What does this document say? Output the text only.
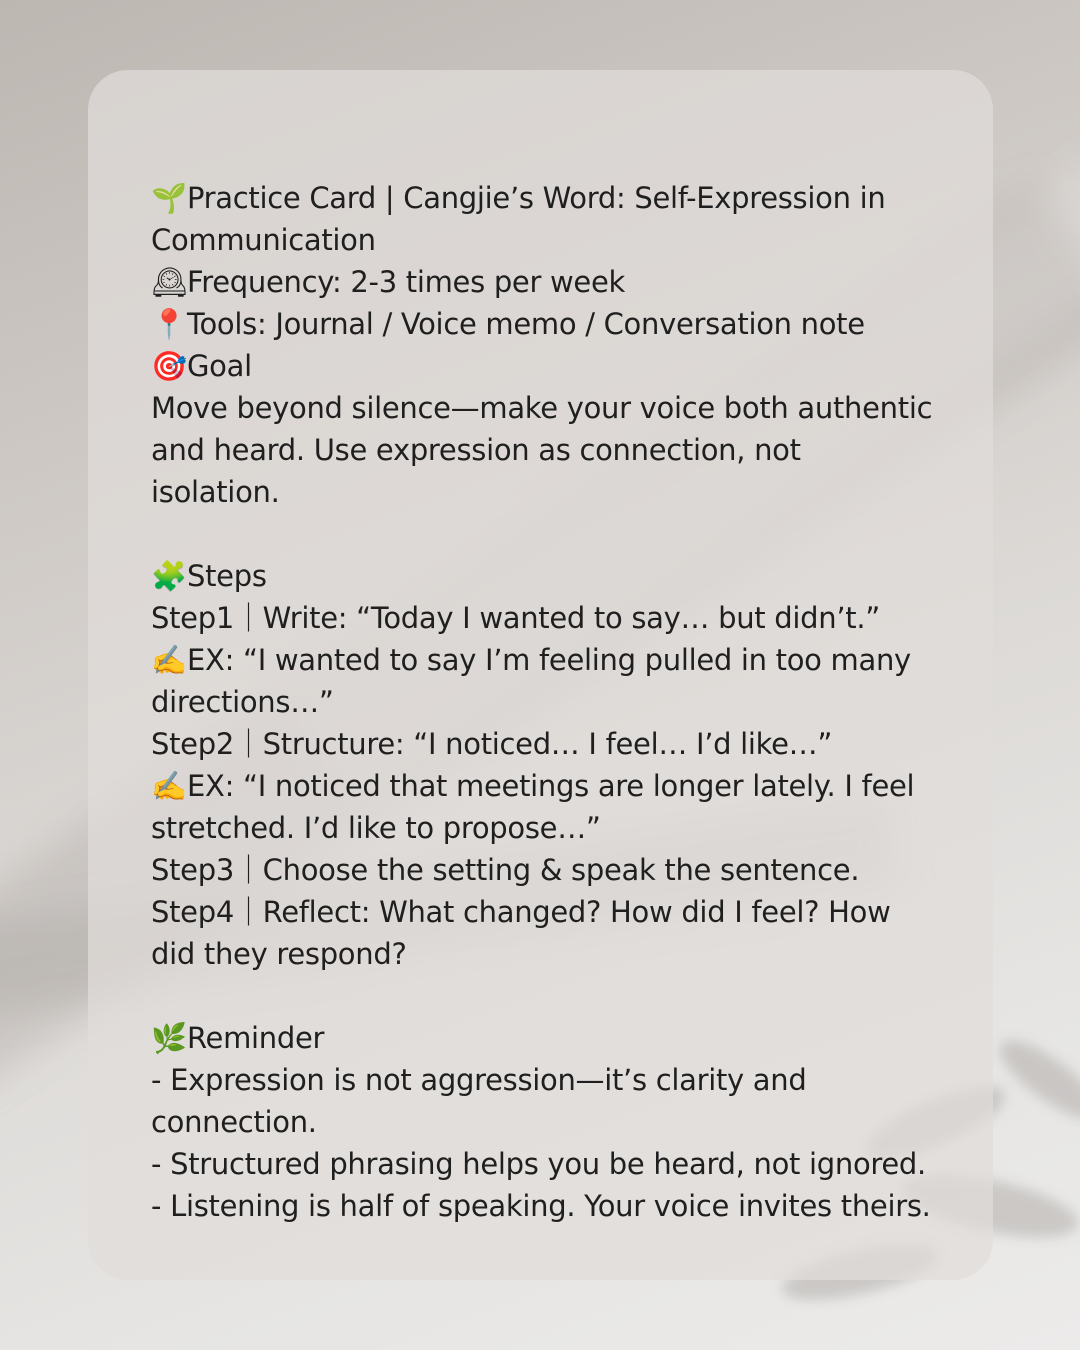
🌱Practice Card | Cangjie’s Word: Self-Expression in Communication
🕰Frequency: 2-3 times per week
📍Tools: Journal / Voice memo / Conversation note
🎯Goal
Move beyond silence—make your voice both authentic and heard. Use expression as connection, not isolation.

🧩Steps
Step1｜Write: “Today I wanted to say… but didn’t.”
✍️EX: “I wanted to say I’m feeling pulled in too many directions…”
Step2｜Structure: “I noticed… I feel… I’d like…”
✍️EX: “I noticed that meetings are longer lately. I feel stretched. I’d like to propose…”
Step3｜Choose the setting & speak the sentence.
Step4｜Reflect: What changed? How did I feel? How did they respond?

🌿Reminder
- Expression is not aggression—it’s clarity and connection.
- Structured phrasing helps you be heard, not ignored.
- Listening is half of speaking. Your voice invites theirs.
